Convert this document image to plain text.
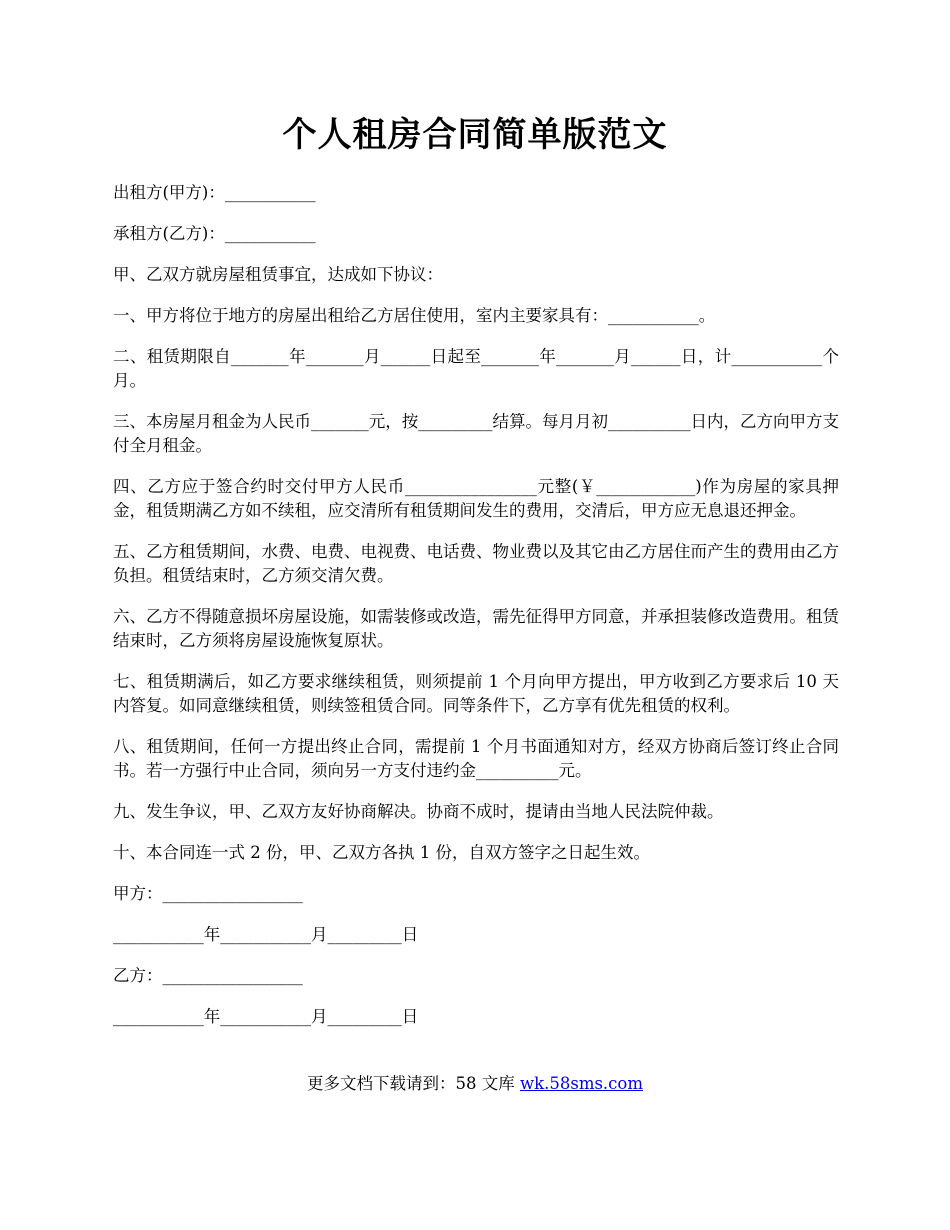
个人租房合同简单版范文

出租方(甲方)：___________

承租方(乙方)：___________

甲、乙双方就房屋租赁事宜，达成如下协议：

一、甲方将位于地方的房屋出租给乙方居住使用，室内主要家具有：___________。

二、租赁期限自_______年_______月______日起至_______年_______月______日，计___________个月。

三、本房屋月租金为人民币_______元，按_________结算。每月月初__________日内，乙方向甲方支付全月租金。

四、乙方应于签合约时交付甲方人民币________________元整(￥____________)作为房屋的家具押金，租赁期满乙方如不续租，应交清所有租赁期间发生的费用，交清后，甲方应无息退还押金。

五、乙方租赁期间，水费、电费、电视费、电话费、物业费以及其它由乙方居住而产生的费用由乙方负担。租赁结束时，乙方须交清欠费。

六、乙方不得随意损坏房屋设施，如需装修或改造，需先征得甲方同意，并承担装修改造费用。租赁结束时，乙方须将房屋设施恢复原状。

七、租赁期满后，如乙方要求继续租赁，则须提前 1 个月向甲方提出，甲方收到乙方要求后 10 天内答复。如同意继续租赁，则续签租赁合同。同等条件下，乙方享有优先租赁的权利。

八、租赁期间，任何一方提出终止合同，需提前 1 个月书面通知对方，经双方协商后签订终止合同书。若一方强行中止合同，须向另一方支付违约金__________元。

九、发生争议，甲、乙双方友好协商解决。协商不成时，提请由当地人民法院仲裁。

十、本合同连一式 2 份，甲、乙双方各执 1 份，自双方签字之日起生效。

甲方：_________________

___________年___________月_________日

乙方：_________________

___________年___________月_________日

更多文档下载请到：58 文库 wk.58sms.com
